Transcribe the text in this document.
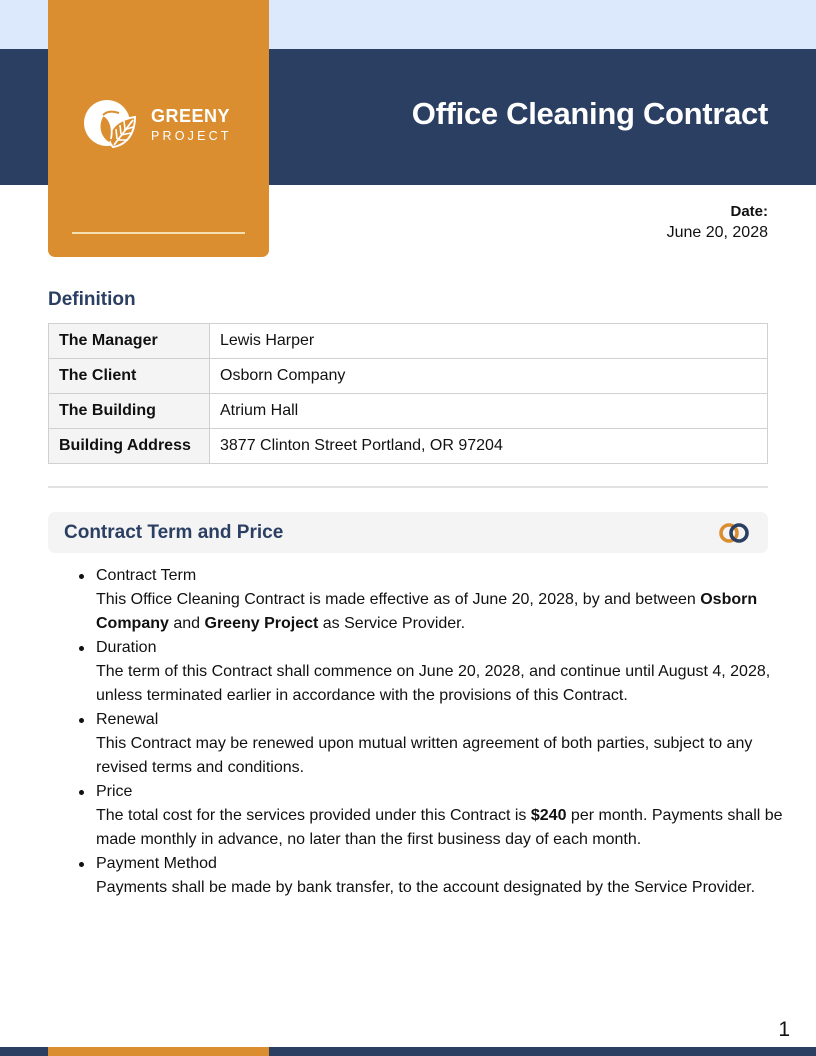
GREENY
PROJECT
Office Cleaning Contract
Date:
June 20, 2028
Definition
The Manager	Lewis Harper
The Client	Osborn Company
The Building	Atrium Hall
Building Address	3877 Clinton Street Portland, OR 97204
Contract Term and Price
Contract Term
This Office Cleaning Contract is made effective as of June 20, 2028, by and between Osborn Company and Greeny Project as Service Provider.
Duration
The term of this Contract shall commence on June 20, 2028, and continue until August 4, 2028, unless terminated earlier in accordance with the provisions of this Contract.
Renewal
This Contract may be renewed upon mutual written agreement of both parties, subject to any revised terms and conditions.
Price
The total cost for the services provided under this Contract is $240 per month. Payments shall be made monthly in advance, no later than the first business day of each month.
Payment Method
Payments shall be made by bank transfer, to the account designated by the Service Provider.
1
